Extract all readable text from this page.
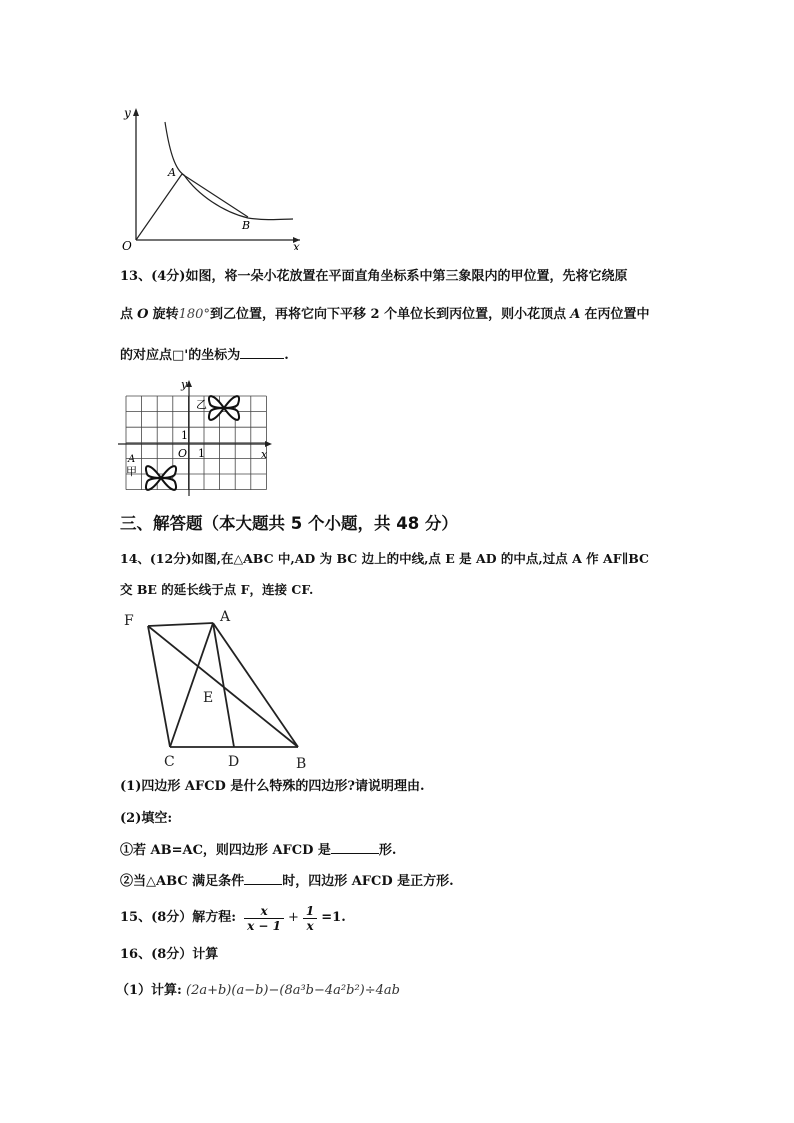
y
x
O
A
B
13、(4分)如图，将一朵小花放置在平面直角坐标系中第三象限内的甲位置，先将它绕原
点 O 旋转180°到乙位置，再将它向下平移 2 个单位长到丙位置，则小花顶点 A 在丙位置中
的对应点□'的坐标为	.
y
x
O 1
1
乙
甲
A
三、解答题（本大题共 5 个小题，共 48 分）
14、(12分)如图,在△ABC 中,AD 为 BC 边上的中线,点 E 是 AD 的中点,过点 A 作 AF∥BC
交 BE 的延长线于点 F，连接 CF.
F	A
E
C	D	B
(1)四边形 AFCD 是什么特殊的四边形?请说明理由.
(2)填空:
①若 AB=AC，则四边形 AFCD 是	形.
②当△ABC 满足条件	时，四边形 AFCD 是正方形.
15、(8分）解方程: $\frac{x}{x - 1} + \frac{1}{x} =1$.
16、(8分）计算
（1）计算: (2a+b)(a−b)−(8a³b−4a²b²)÷4ab
